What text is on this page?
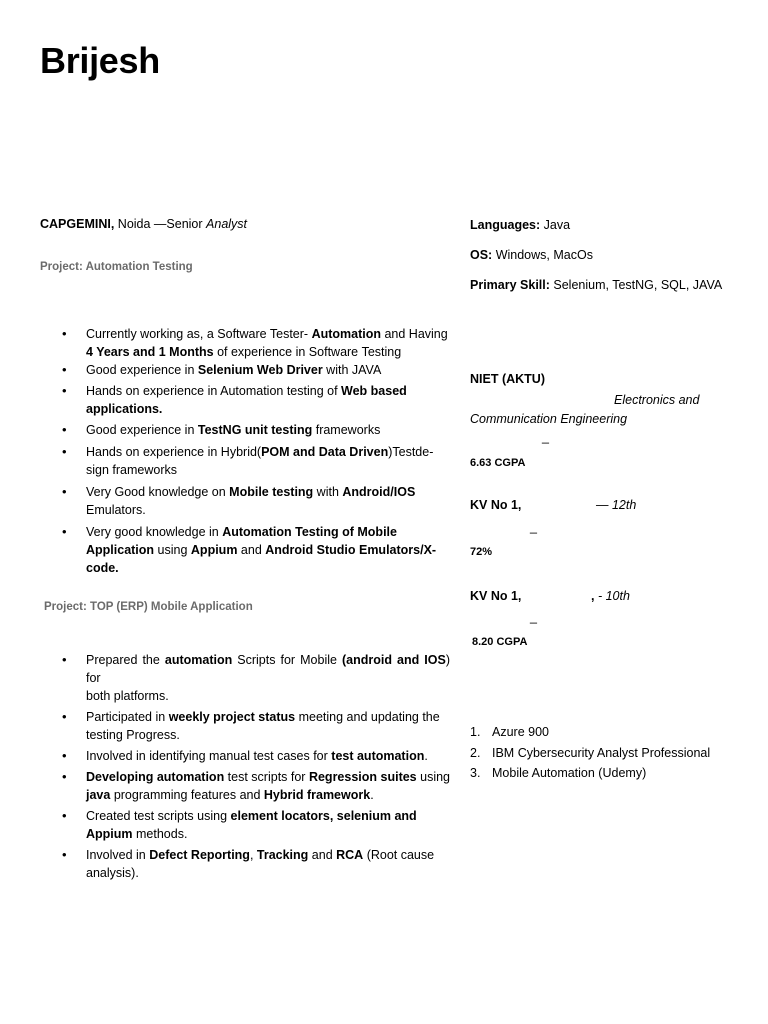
Brijesh
CAPGEMINI, Noida —Senior Analyst
Project: Automation Testing
• Currently working as, a Software Tester- Automation and Having
4 Years and 1 Months of experience in Software Testing
• Good experience in Selenium Web Driver with JAVA
• Hands on experience in Automation testing of Web based
applications.
• Good experience in TestNG unit testing frameworks
• Hands on experience in Hybrid(POM and Data Driven)Testde-
sign frameworks
• Very Good knowledge on Mobile testing with Android/IOS
Emulators.
• Very good knowledge in Automation Testing of Mobile
Application using Appium and Android Studio Emulators/X-
code.
Project: TOP (ERP) Mobile Application
• Prepared the automation Scripts for Mobile (android and IOS) for
both platforms.
• Participated in weekly project status meeting and updating the
testing Progress.
• Involved in identifying manual test cases for test automation.
• Developing automation test scripts for Regression suites using
java programming features and Hybrid framework.
• Created test scripts using element locators, selenium and
Appium methods.
• Involved in Defect Reporting, Tracking and RCA (Root cause
analysis).
Languages: Java
OS: Windows, MacOs
Primary Skill: Selenium, TestNG, SQL, JAVA
NIET (AKTU)
Electronics and
Communication Engineering
_
6.63 CGPA
KV No 1,	— 12th
_
72%
KV No 1,	, - 10th
_
8.20 CGPA
1. Azure 900
2. IBM Cybersecurity Analyst Professional
3. Mobile Automation (Udemy)
